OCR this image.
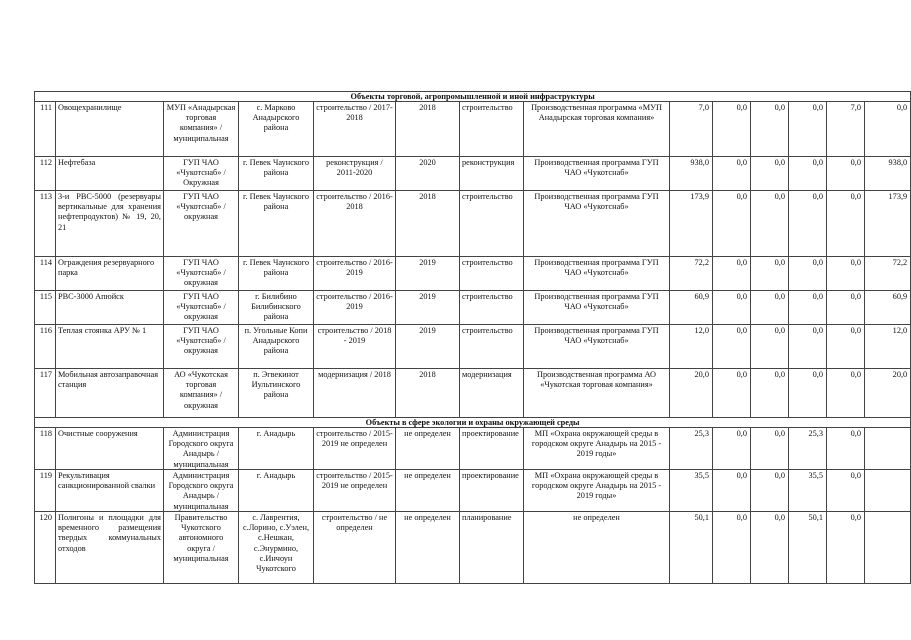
Объекты торговой, агропромышленной и иной инфраструктуры													

111	Овощехранилище	МУП «Анадырская торговая компания» / муниципальная	с. Марково Анадырского района	строительство / 2017-2018	2018	строительство	Производственная программа «МУП Анадырская торговая компания»	7,0	0,0	0,0	0,0	7,0	0,0

112	Нефтебаза	ГУП ЧАО «Чукотснаб» / Окружная	г. Певек Чаунского района	реконструкция / 2011-2020	2020	реконструкция	Производственная программа ГУП ЧАО «Чукотснаб»	938,0	0,0	0,0	0,0	0,0	938,0

113	3-и РВС-5000 (резервуары вертикальные для хранения нефтепродуктов) № 19, 20, 21	ГУП ЧАО «Чукотснаб» / окружная	г. Певек Чаунского района	строительство / 2016-2018	2018	строительство	Производственная программа ГУП ЧАО «Чукотснаб»	173,9	0,0	0,0	0,0	0,0	173,9

114	Ограждения резервуарного парка	ГУП ЧАО «Чукотснаб» / окружная	г. Певек Чаунского района	строительство / 2016-2019	2019	строительство	Производственная программа ГУП ЧАО «Чукотснаб»	72,2	0,0	0,0	0,0	0,0	72,2

115	РВС-3000 Апюйск	ГУП ЧАО «Чукотснаб» / окружная	г. Билибино Билибинского района	строительство / 2016-2019	2019	строительство	Производственная программа ГУП ЧАО «Чукотснаб»	60,9	0,0	0,0	0,0	0,0	60,9

116	Теплая стоянка АРУ № 1	ГУП ЧАО «Чукотснаб» / окружная	п. Угольные Копи Анадырского района	строительство / 2018 - 2019	2019	строительство	Производственная программа ГУП ЧАО «Чукотснаб»	12,0	0,0	0,0	0,0	0,0	12,0

117	Мобильная автозаправочная станция	АО «Чукотская торговая компания» / окружная	п. Эгвекинот Иультинского района	модернизация / 2018	2018	модернизация	Производственная программа АО «Чукотская торговая компания»	20,0	0,0	0,0	0,0	0,0	20,0

Объекты в сфере экологии и охраны окружающей среды													

118	Очистные сооружения	Администрация Городского округа Анадырь / муниципальная	г. Анадырь	строительство / 2015-2019 не определен	не определен	проектирование	МП «Охрана окружающей среды в городском округе Анадырь на 2015 - 2019 годы»	25,3	0,0	0,0	25,3	0,0	

119	Рекультивация санкционированной свалки	Администрация Городского округа Анадырь / муниципальная	г. Анадырь	строительство / 2015-2019 не определен	не определен	проектирование	МП «Охрана окружающей среды в городском округе Анадырь на 2015 - 2019 годы»	35,5	0,0	0,0	35,5	0,0	

120	Полигоны и площадки для временного размещения твердых коммунальных отходов	Правительство Чукотского автономного округа / муниципальная	с. Лаврентия, с.Лорино, с.Уэлен, с.Нешкан, с.Энурмино, с.Инчоун Чукотского	строительство / не определен	не определен	планирование	не определен	50,1	0,0	0,0	50,1	0,0	
